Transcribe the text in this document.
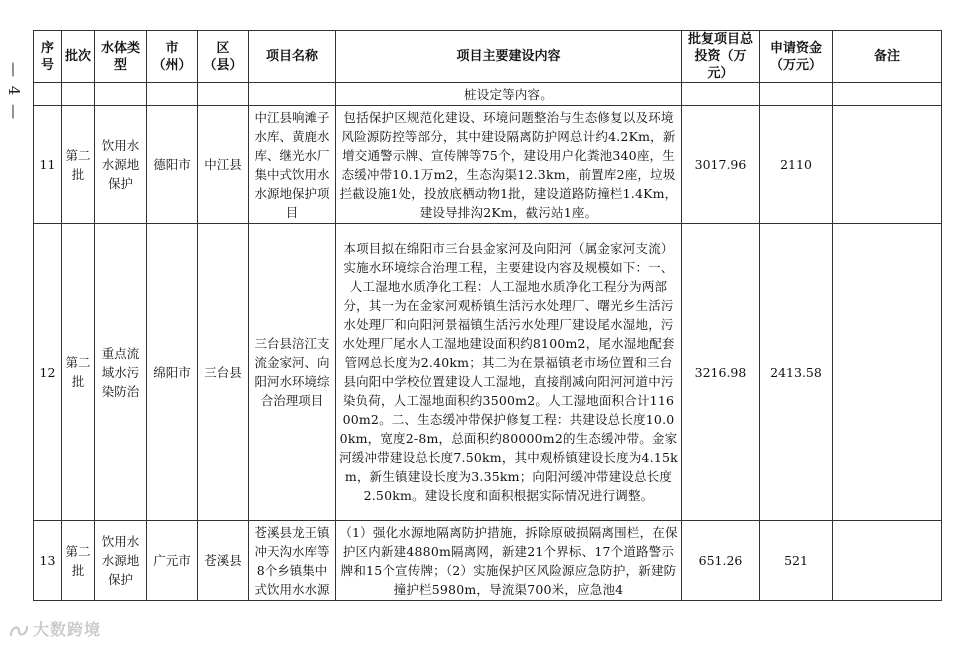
— 4 —
序号	批次	水体类型	市（州）	区（县）	项目名称	项目主要建设内容	批复项目总投资（万元）	申请资金（万元）	备注
						桩设定等内容。			
11	第二批	饮用水水源地保护	德阳市	中江县	中江县响滩子水库、黄鹿水库、继光水厂集中式饮用水水源地保护项目	包括保护区规范化建设、环境问题整治与生态修复以及环境风险源防控等部分，其中建设隔离防护网总计约4.2Km，新增交通警示牌、宣传牌等75个，建设用户化粪池340座，生态缓冲带10.1万m2，生态沟渠12.3km，前置库2座，垃圾拦截设施1处，投放底栖动物1批，建设道路防撞栏1.4Km，建设导排沟2Km，截污站1座。	3017.96	2110	
12	第二批	重点流域水污染防治	绵阳市	三台县	三台县涪江支流金家河、向阳河水环境综合治理项目	本项目拟在绵阳市三台县金家河及向阳河（属金家河支流）实施水环境综合治理工程，主要建设内容及规模如下：一、人工湿地水质净化工程：人工湿地水质净化工程分为两部分，其一为在金家河观桥镇生活污水处理厂、曙光乡生活污水处理厂和向阳河景福镇生活污水处理厂建设尾水湿地，污水处理厂尾水人工湿地建设面积约8100m2，尾水湿地配套管网总长度为2.40km；其二为在景福镇老市场位置和三台县向阳中学校位置建设人工湿地，直接削减向阳河河道中污染负荷，人工湿地面积约3500m2。人工湿地面积合计11600m2。二、生态缓冲带保护修复工程：共建设总长度10.00km，宽度2-8m，总面积约80000m2的生态缓冲带。金家河缓冲带建设总长度7.50km，其中观桥镇建设长度为4.15km，新生镇建设长度为3.35km；向阳河缓冲带建设总长度2.50km。建设长度和面积根据实际情况进行调整。	3216.98	2413.58	
13	第二批	饮用水水源地保护	广元市	苍溪县	苍溪县龙王镇冲天沟水库等8个乡镇集中式饮用水水源	（1）强化水源地隔离防护措施，拆除原破损隔离围栏，在保护区内新建4880m隔离网，新建21个界标、17个道路警示牌和15个宣传牌；（2）实施保护区风险源应急防护，新建防撞护栏5980m，导流渠700米，应急池4	651.26	521	
大数跨境
